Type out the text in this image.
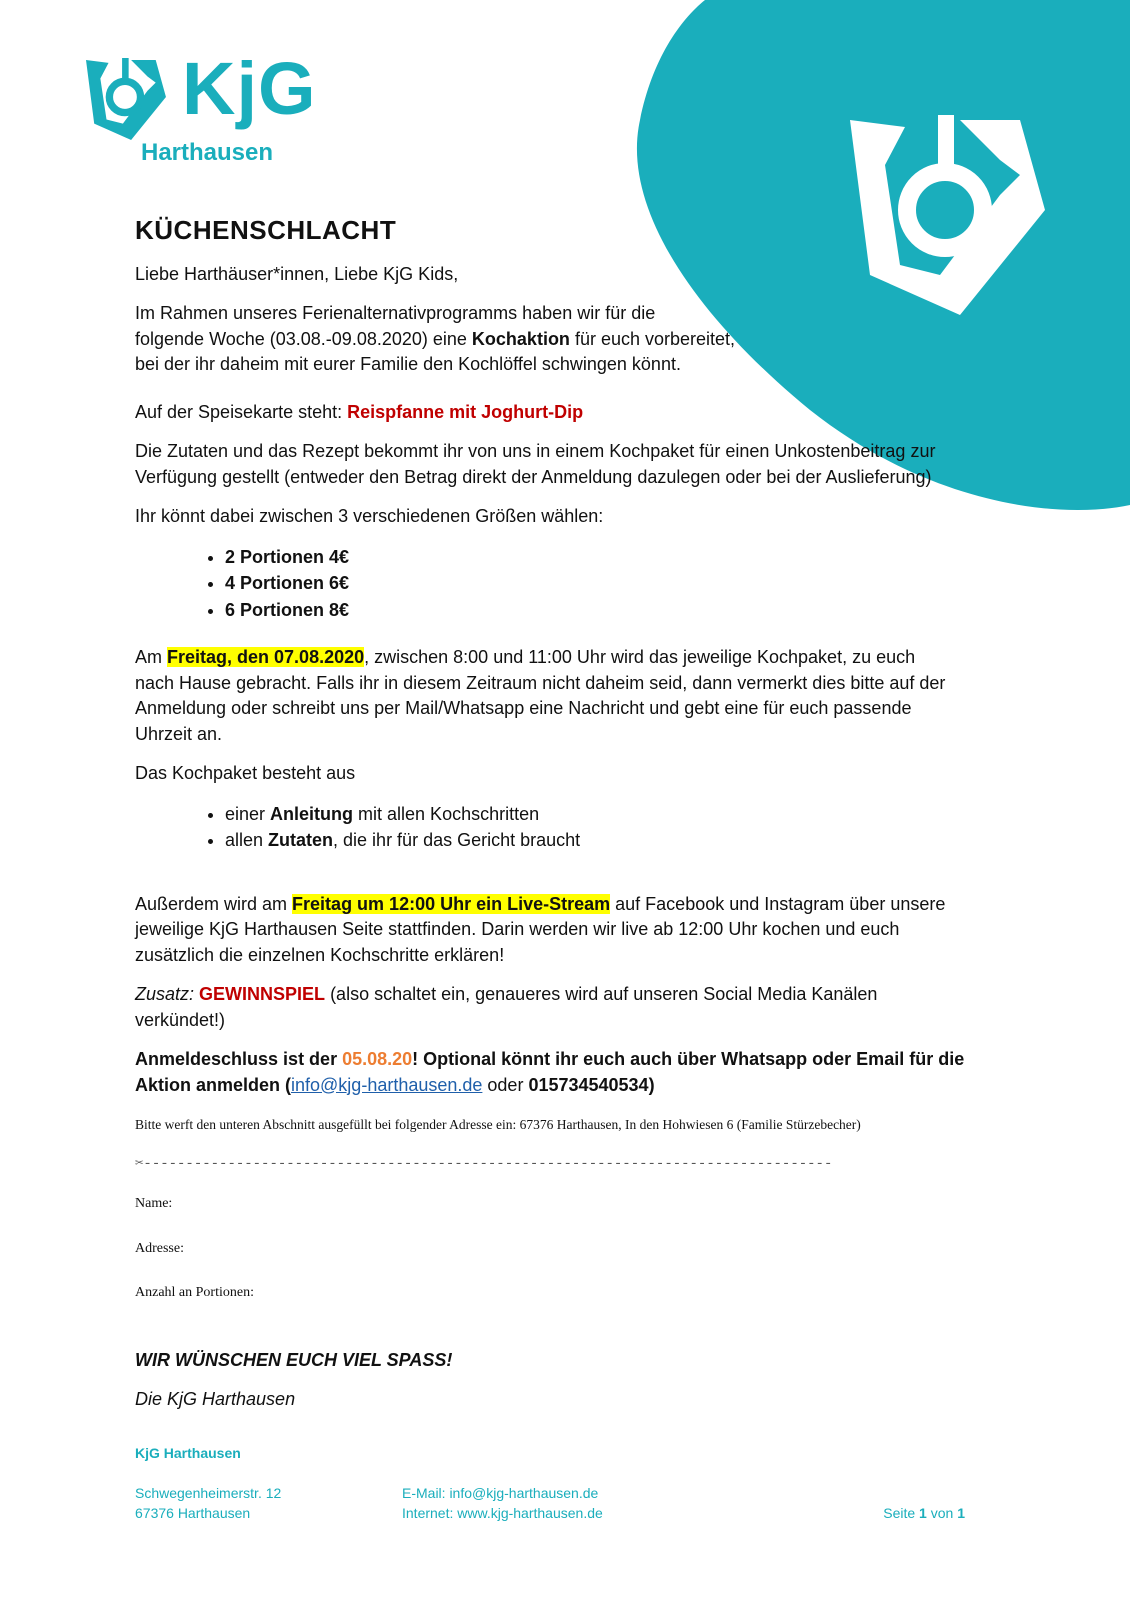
KjG
Harthausen
KÜCHENSCHLACHT

Liebe Harthäuser*innen, Liebe KjG Kids,

Im Rahmen unseres Ferienalternativprogramms haben wir für die
folgende Woche (03.08.-09.08.2020) eine Kochaktion für euch vorbereitet,
bei der ihr daheim mit eurer Familie den Kochlöffel schwingen könnt.

Auf der Speisekarte steht: Reispfanne mit Joghurt-Dip

Die Zutaten und das Rezept bekommt ihr von uns in einem Kochpaket für einen Unkostenbeitrag zur
Verfügung gestellt (entweder den Betrag direkt der Anmeldung dazulegen oder bei der Auslieferung)

Ihr könnt dabei zwischen 3 verschiedenen Größen wählen:

• 2 Portionen 4€
• 4 Portionen 6€
• 6 Portionen 8€

Am Freitag, den 07.08.2020, zwischen 8:00 und 11:00 Uhr wird das jeweilige Kochpaket, zu euch
nach Hause gebracht. Falls ihr in diesem Zeitraum nicht daheim seid, dann vermerkt dies bitte auf der
Anmeldung oder schreibt uns per Mail/Whatsapp eine Nachricht und gebt eine für euch passende
Uhrzeit an.

Das Kochpaket besteht aus

• einer Anleitung mit allen Kochschritten
• allen Zutaten, die ihr für das Gericht braucht

Außerdem wird am Freitag um 12:00 Uhr ein Live-Stream auf Facebook und Instagram über unsere
jeweilige KjG Harthausen Seite stattfinden. Darin werden wir live ab 12:00 Uhr kochen und euch
zusätzlich die einzelnen Kochschritte erklären!

Zusatz: GEWINNSPIEL (also schaltet ein, genaueres wird auf unseren Social Media Kanälen
verkündet!)

Anmeldeschluss ist der 05.08.20! Optional könnt ihr euch auch über Whatsapp oder Email für die
Aktion anmelden (info@kjg-harthausen.de oder 015734540534)

Bitte werft den unteren Abschnitt ausgefüllt bei folgender Adresse ein: 67376 Harthausen, In den Hohwiesen 6 (Familie Stürzebecher)
✂----------------------------------------------------------------------------------
Name:
Adresse:
Anzahl an Portionen:

WIR WÜNSCHEN EUCH VIEL SPASS!

Die KjG Harthausen

KjG Harthausen
Schwegenheimerstr. 12
67376 Harthausen
E-Mail: info@kjg-harthausen.de
Internet: www.kjg-harthausen.de	Seite 1 von 1
